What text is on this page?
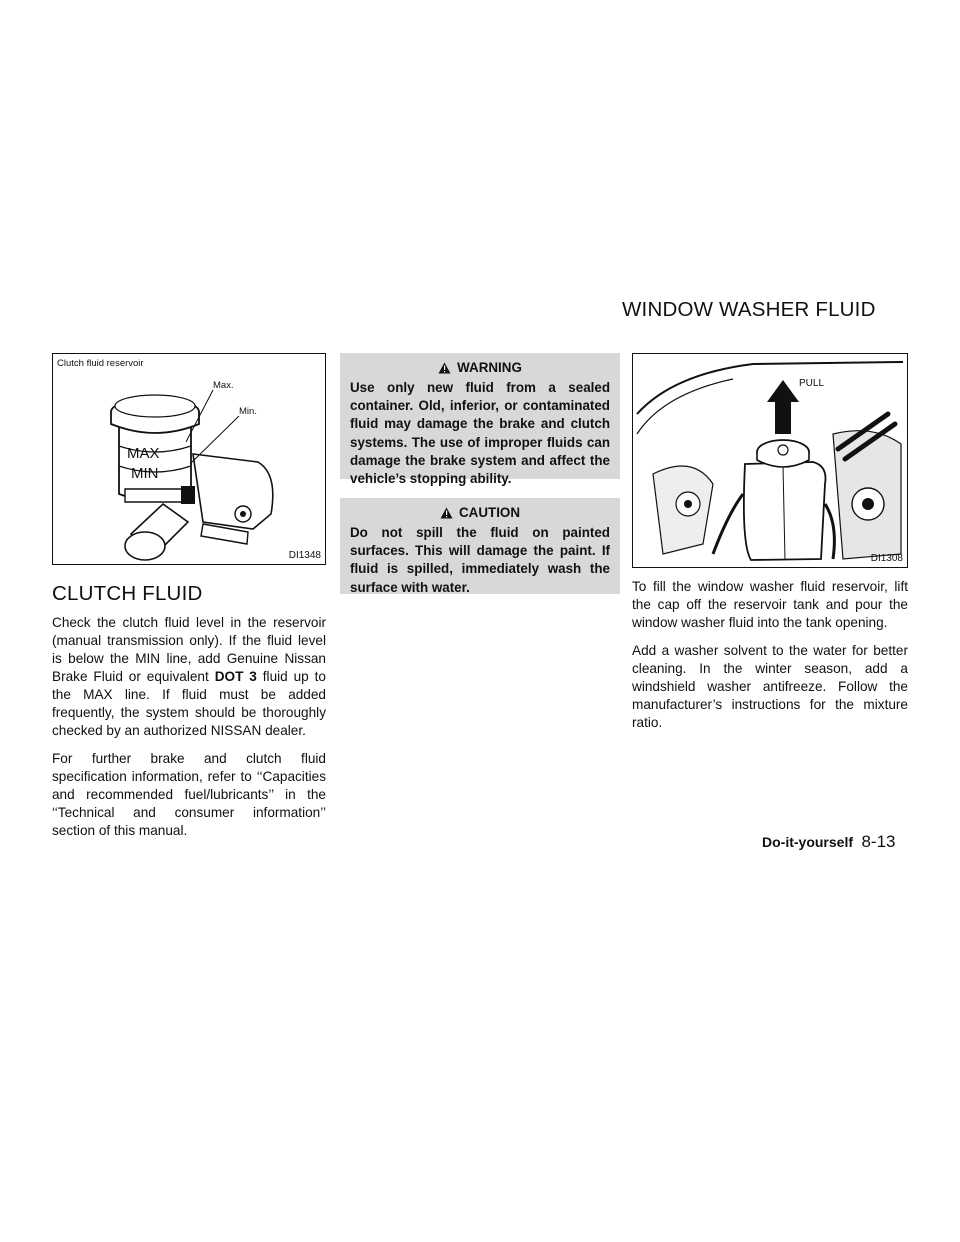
WINDOW WASHER FLUID
Clutch fluid reservoir
MAX
MIN
Max.
Min.
DI1348
CLUTCH FLUID

Check the clutch fluid level in the reservoir (manual transmission only). If the fluid level is below the MIN line, add Genuine Nissan Brake Fluid or equivalent DOT 3 fluid up to the MAX line. If fluid must be added frequently, the system should be thoroughly checked by an authorized NISSAN dealer.

For further brake and clutch fluid specification information, refer to ‘‘Capacities and recommended fuel/lubricants’’ in the ‘‘Technical and consumer information’’ section of this manual.

WARNING

Use only new fluid from a sealed container. Old, inferior, or contaminated fluid may damage the brake and clutch systems. The use of improper fluids can damage the brake system and affect the vehicle’s stopping ability.

CAUTION

Do not spill the fluid on painted surfaces. This will damage the paint. If fluid is spilled, immediately wash the surface with water.

PULL
DI1308

To fill the window washer fluid reservoir, lift the cap off the reservoir tank and pour the window washer fluid into the tank opening.

Add a washer solvent to the water for better cleaning. In the winter season, add a windshield washer antifreeze. Follow the manufacturer’s instructions for the mixture ratio.

Do-it-yourself 8-13
